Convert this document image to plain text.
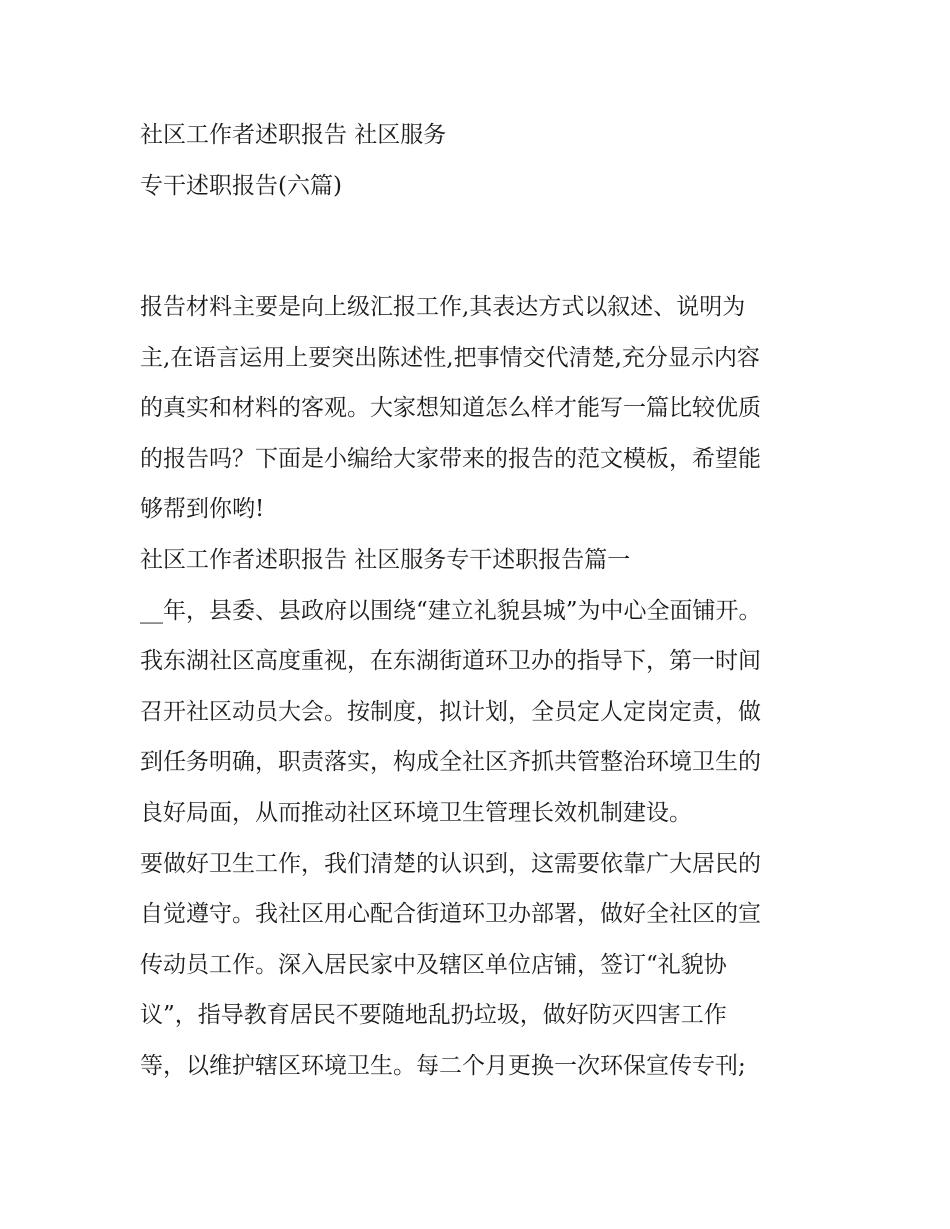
社区工作者述职报告 社区服务
专干述职报告(六篇)
报告材料主要是向上级汇报工作,其表达方式以叙述、说明为
主,在语言运用上要突出陈述性,把事情交代清楚,充分显示内容
的真实和材料的客观。大家想知道怎么样才能写一篇比较优质
的报告吗？下面是小编给大家带来的报告的范文模板，希望能
够帮到你哟!
社区工作者述职报告 社区服务专干述职报告篇一
__年，县委、县政府以围绕“建立礼貌县城”为中心全面铺开。
我东湖社区高度重视，在东湖街道环卫办的指导下，第一时间
召开社区动员大会。按制度，拟计划，全员定人定岗定责，做
到任务明确，职责落实，构成全社区齐抓共管整治环境卫生的
良好局面，从而推动社区环境卫生管理长效机制建设。
要做好卫生工作，我们清楚的认识到，这需要依靠广大居民的
自觉遵守。我社区用心配合街道环卫办部署，做好全社区的宣
传动员工作。深入居民家中及辖区单位店铺，签订“礼貌协
议”，指导教育居民不要随地乱扔垃圾，做好防灭四害工作
等，以维护辖区环境卫生。每二个月更换一次环保宣传专刊;
